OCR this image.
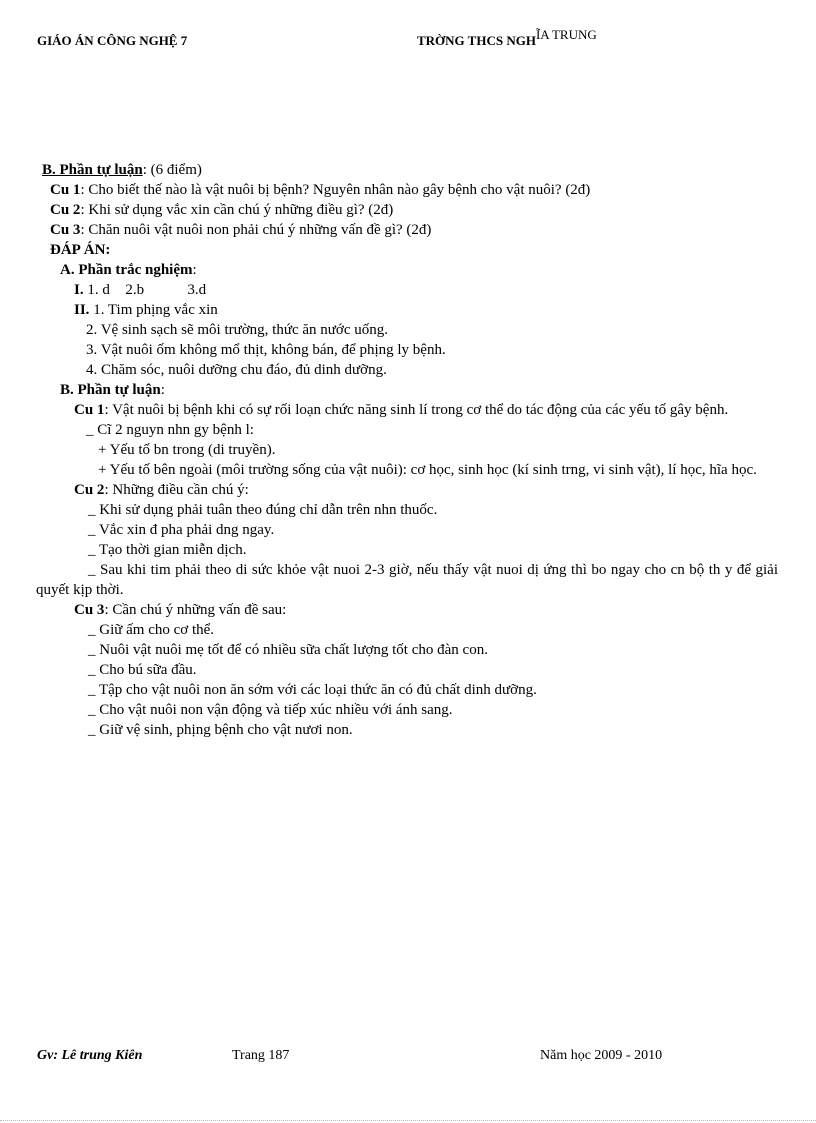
GIÁO ÁN CÔNG NGHỆ 7	TRỜNG THCS NGHĨA TRUNG
B. Phần tự luận: (6 điểm)
Cu 1: Cho biết thế nào là vật nuôi bị bệnh? Nguyên nhân nào gây bệnh cho vật nuôi? (2đ)
Cu 2: Khi sử dụng vắc xin cần chú ý những điều gì? (2đ)
Cu 3: Chăn nuôi vật nuôi non phải chú ý những vấn đề gì? (2đ)
ĐÁP ÁN:
A. Phần trắc nghiệm:
I. 1. d 2.b	3.d
II. 1. Tim phịng vắc xin
2. Vệ sinh sạch sẽ môi trường, thức ăn nước uống.
3. Vật nuôi ốm không mổ thịt, không bán, để phịng ly bệnh.
4. Chăm sóc, nuôi dưỡng chu đáo, đủ dinh dưỡng.
B. Phần tự luận:
Cu 1: Vật nuôi bị bệnh khi có sự rối loạn chức năng sinh lí trong cơ thể do tác động của các yếu tố gây bệnh.
_ Cĩ 2 nguyn nhn gy bệnh l:
+ Yếu tố bn trong (di truyền).
+ Yếu tố bên ngoài (môi trường sống của vật nuôi): cơ học, sinh học (kí sinh trng, vi sinh vật), lí học, hĩa học.
Cu 2: Những điều cần chú ý:
_ Khi sử dụng phải tuân theo đúng chỉ dẫn trên nhn thuốc.
_ Vắc xin đ pha phải dng ngay.
_ Tạo thời gian miễn dịch.
_ Sau khi tim phải theo di sức khỏe vật nuoi 2-3 giờ, nếu thấy vật nuoi dị ứng thì bo ngay cho cn bộ th y để giải quyết kịp thời.
Cu 3: Cần chú ý những vấn đề sau:
_ Giữ ấm cho cơ thể.
_ Nuôi vật nuôi mẹ tốt để có nhiều sữa chất lượng tốt cho đàn con.
_ Cho bú sữa đầu.
_ Tập cho vật nuôi non ăn sớm với các loại thức ăn có đủ chất dinh dưỡng.
_ Cho vật nuôi non vận động và tiếp xúc nhiều với ánh sang.
_ Giữ vệ sinh, phịng bệnh cho vật nươi non.
Gv: Lê trung Kiên	Trang 187	Năm học 2009 - 2010
